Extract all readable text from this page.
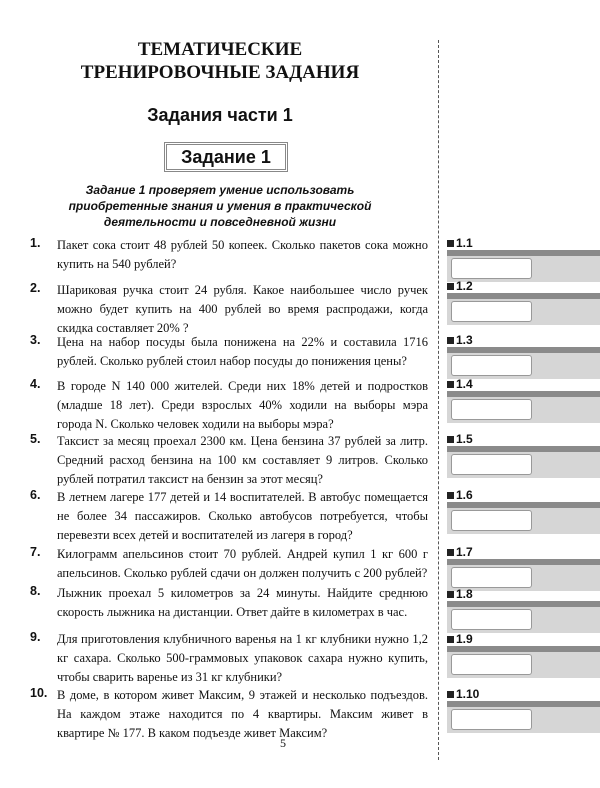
ТЕМАТИЧЕСКИЕ
ТРЕНИРОВОЧНЫЕ ЗАДАНИЯ
Задания части 1
Задание 1
Задание 1 проверяет умение использовать приобретенные знания и умения в практической деятельности и повседневной жизни
1. Пакет сока стоит 48 рублей 50 копеек. Сколько пакетов сока можно купить на 540 рублей?
1.1
2. Шариковая ручка стоит 24 рубля. Какое наибольшее число ручек можно будет купить на 400 рублей во время распродажи, когда скидка составляет 20% ?
1.2
3. Цена на набор посуды была понижена на 22% и составила 1716 рублей. Сколько рублей стоил набор посуды до понижения цены?
1.3
4. В городе N 140 000 жителей. Среди них 18% детей и подростков (младше 18 лет). Среди взрослых 40% ходили на выборы мэра города N. Сколько человек ходили на выборы мэра?
1.4
5. Таксист за месяц проехал 2300 км. Цена бензина 37 рублей за литр. Средний расход бензина на 100 км составляет 9 литров. Сколько рублей потратил таксист на бензин за этот месяц?
1.5
6. В летнем лагере 177 детей и 14 воспитателей. В автобус помещается не более 34 пассажиров. Сколько автобусов потребуется, чтобы перевезти всех детей и воспитателей из лагеря в город?
1.6
7. Килограмм апельсинов стоит 70 рублей. Андрей купил 1 кг 600 г апельсинов. Сколько рублей сдачи он должен получить с 200 рублей?
1.7
8. Лыжник проехал 5 километров за 24 минуты. Найдите среднюю скорость лыжника на дистанции. Ответ дайте в километрах в час.
1.8
9. Для приготовления клубничного варенья на 1 кг клубники нужно 1,2 кг сахара. Сколько 500-граммовых упаковок сахара нужно купить, чтобы сварить варенье из 31 кг клубники?
1.9
10. В доме, в котором живет Максим, 9 этажей и несколько подъездов. На каждом этаже находится по 4 квартиры. Максим живет в квартире № 177. В каком подъезде живет Максим?
1.10
5
